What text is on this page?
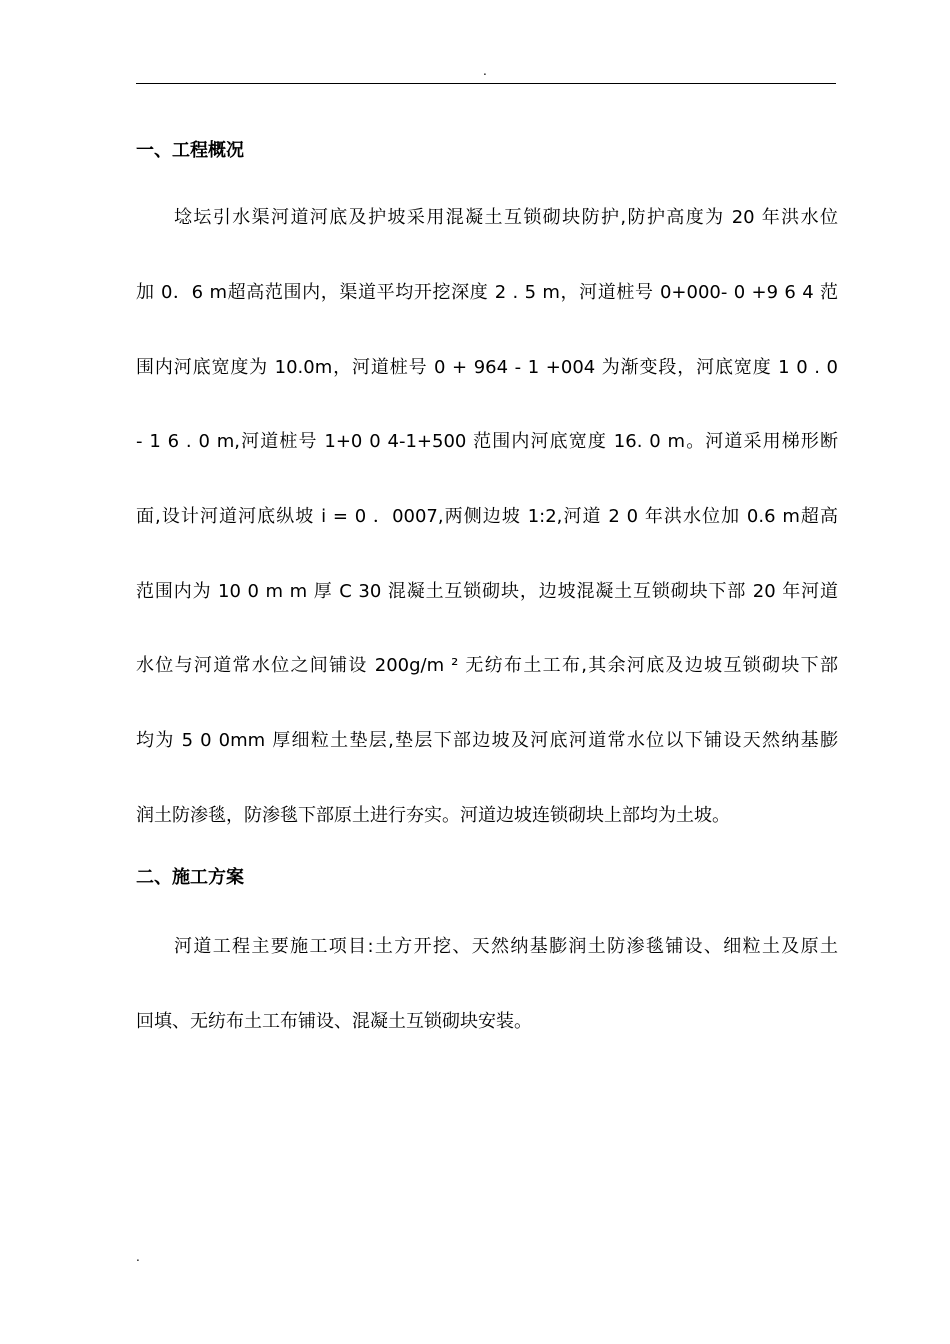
.
一、工程概况
埝坛引水渠河道河底及护坡采用混凝土互锁砌块防护,防护高度为 20 年洪水位
加 0．6 m超高范围内，渠道平均开挖深度 2 . 5 m，河道桩号 0+000- 0 +9 6 4 范
围内河底宽度为 10.0m，河道桩号 0 + 964 - 1 +004 为渐变段，河底宽度 1 0 . 0
- 1 6 . 0 m,河道桩号 1+0 0 4-1+500 范围内河底宽度 16. 0 m。河道采用梯形断
面,设计河道河底纵坡 i = 0 ．0007,两侧边坡 1:2,河道 2 0 年洪水位加 0.6 m超高
范围内为 10 0 m m 厚 C 30 混凝土互锁砌块，边坡混凝土互锁砌块下部 20 年河道
水位与河道常水位之间铺设 200g/m ² 无纺布土工布,其余河底及边坡互锁砌块下部
均为 5 0 0mm 厚细粒土垫层,垫层下部边坡及河底河道常水位以下铺设天然纳基膨
润土防渗毯，防渗毯下部原土进行夯实。河道边坡连锁砌块上部均为土坡。
二、施工方案
河道工程主要施工项目:土方开挖、天然纳基膨润土防渗毯铺设、细粒土及原土
回填、无纺布土工布铺设、混凝土互锁砌块安装。
.
